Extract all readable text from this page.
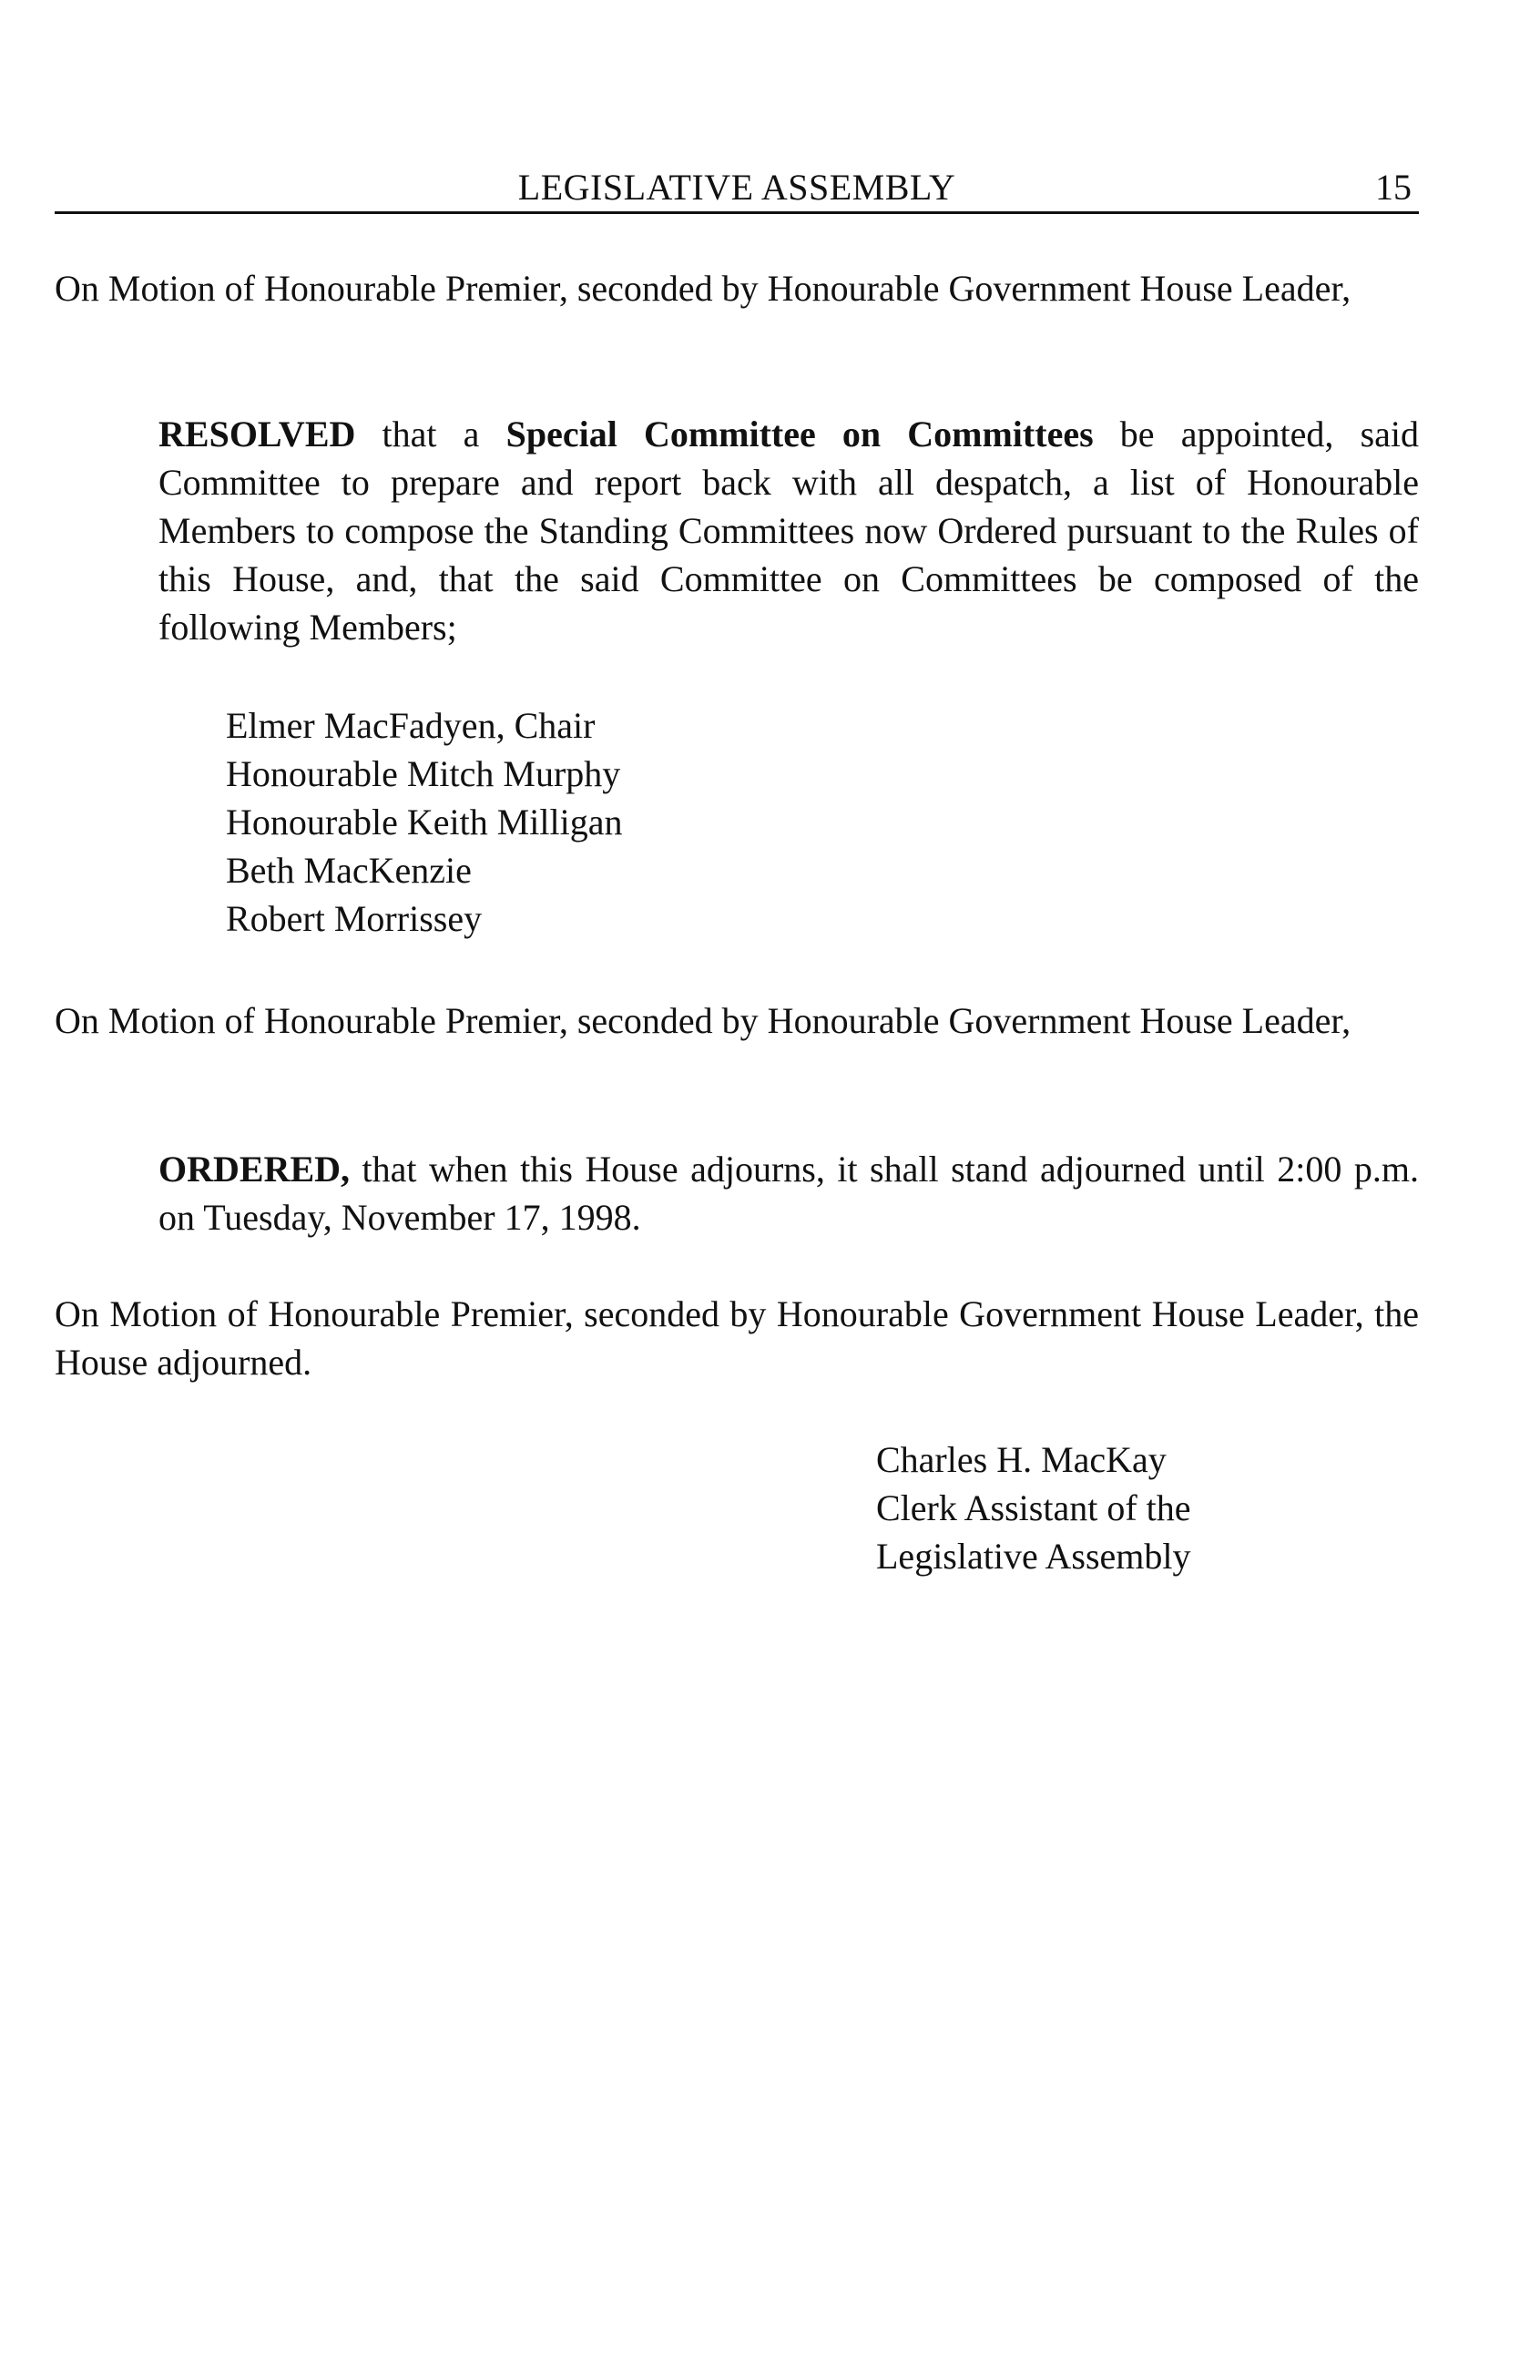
LEGISLATIVE ASSEMBLY	15

On Motion of Honourable Premier, seconded by Honourable Government House Leader,

RESOLVED that a Special Committee on Committees be appointed, said Committee to prepare and report back with all despatch, a list of Honourable Members to compose the Standing Committees now Ordered pursuant to the Rules of this House, and, that the said Committee on Committees be composed of the following Members;

Elmer MacFadyen, Chair
Honourable Mitch Murphy
Honourable Keith Milligan
Beth MacKenzie
Robert Morrissey

On Motion of Honourable Premier, seconded by Honourable Government House Leader,

ORDERED, that when this House adjourns, it shall stand adjourned until 2:00 p.m. on Tuesday, November 17, 1998.

On Motion of Honourable Premier, seconded by Honourable Government House Leader, the House adjourned.

Charles H. MacKay
Clerk Assistant of the
Legislative Assembly
